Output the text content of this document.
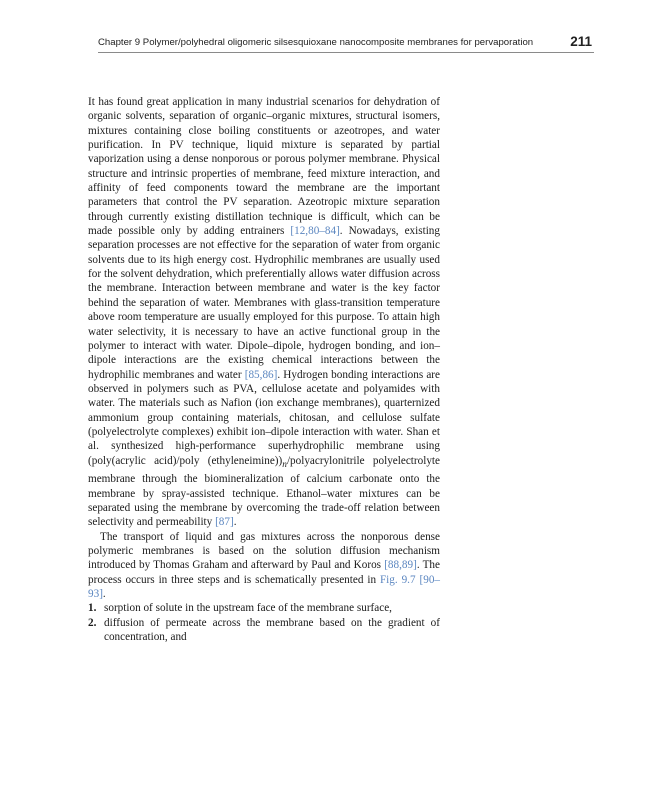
Chapter 9 Polymer/polyhedral oligomeric silsesquioxane nanocomposite membranes for pervaporation	211

It has found great application in many industrial scenarios for dehydration of organic solvents, separation of organic–organic mixtures, structural isomers, mixtures containing close boiling constituents or azeotropes, and water purification. In PV technique, liquid mixture is separated by partial vaporization using a dense nonporous or porous polymer membrane. Physical structure and intrinsic properties of membrane, feed mixture interaction, and affinity of feed components toward the membrane are the important parameters that control the PV separation. Azeotropic mixture separation through currently existing distillation technique is difficult, which can be made possible only by adding entrainers [12,80–84]. Nowadays, existing separation processes are not effective for the separation of water from organic solvents due to its high energy cost. Hydrophilic membranes are usually used for the solvent dehydration, which preferentially allows water diffusion across the membrane. Interaction between membrane and water is the key factor behind the separation of water. Membranes with glass-transition temperature above room temperature are usually employed for this purpose. To attain high water selectivity, it is necessary to have an active functional group in the polymer to interact with water. Dipole–dipole, hydrogen bonding, and ion–dipole interactions are the existing chemical interactions between the hydrophilic membranes and water [85,86]. Hydrogen bonding interactions are observed in polymers such as PVA, cellulose acetate and polyamides with water. The materials such as Nafion (ion exchange membranes), quarternized ammonium group containing materials, chitosan, and cellulose sulfate (polyelectrolyte complexes) exhibit ion–dipole interaction with water. Shan et al. synthesized high-performance superhydrophilic membrane using (poly(acrylic acid)/poly $(ethyleneimine))_n$/polyacrylonitrile polyelectrolyte membrane through the biomineralization of calcium carbonate onto the membrane by spray-assisted technique. Ethanol–water mixtures can be separated using the membrane by overcoming the trade-off relation between selectivity and permeability [87].

The transport of liquid and gas mixtures across the nonporous dense polymeric membranes is based on the solution diffusion mechanism introduced by Thomas Graham and afterward by Paul and Koros [88,89]. The process occurs in three steps and is schematically presented in Fig. 9.7 [90–93].

1. sorption of solute in the upstream face of the membrane surface,
2. diffusion of permeate across the membrane based on the gradient of concentration, and
